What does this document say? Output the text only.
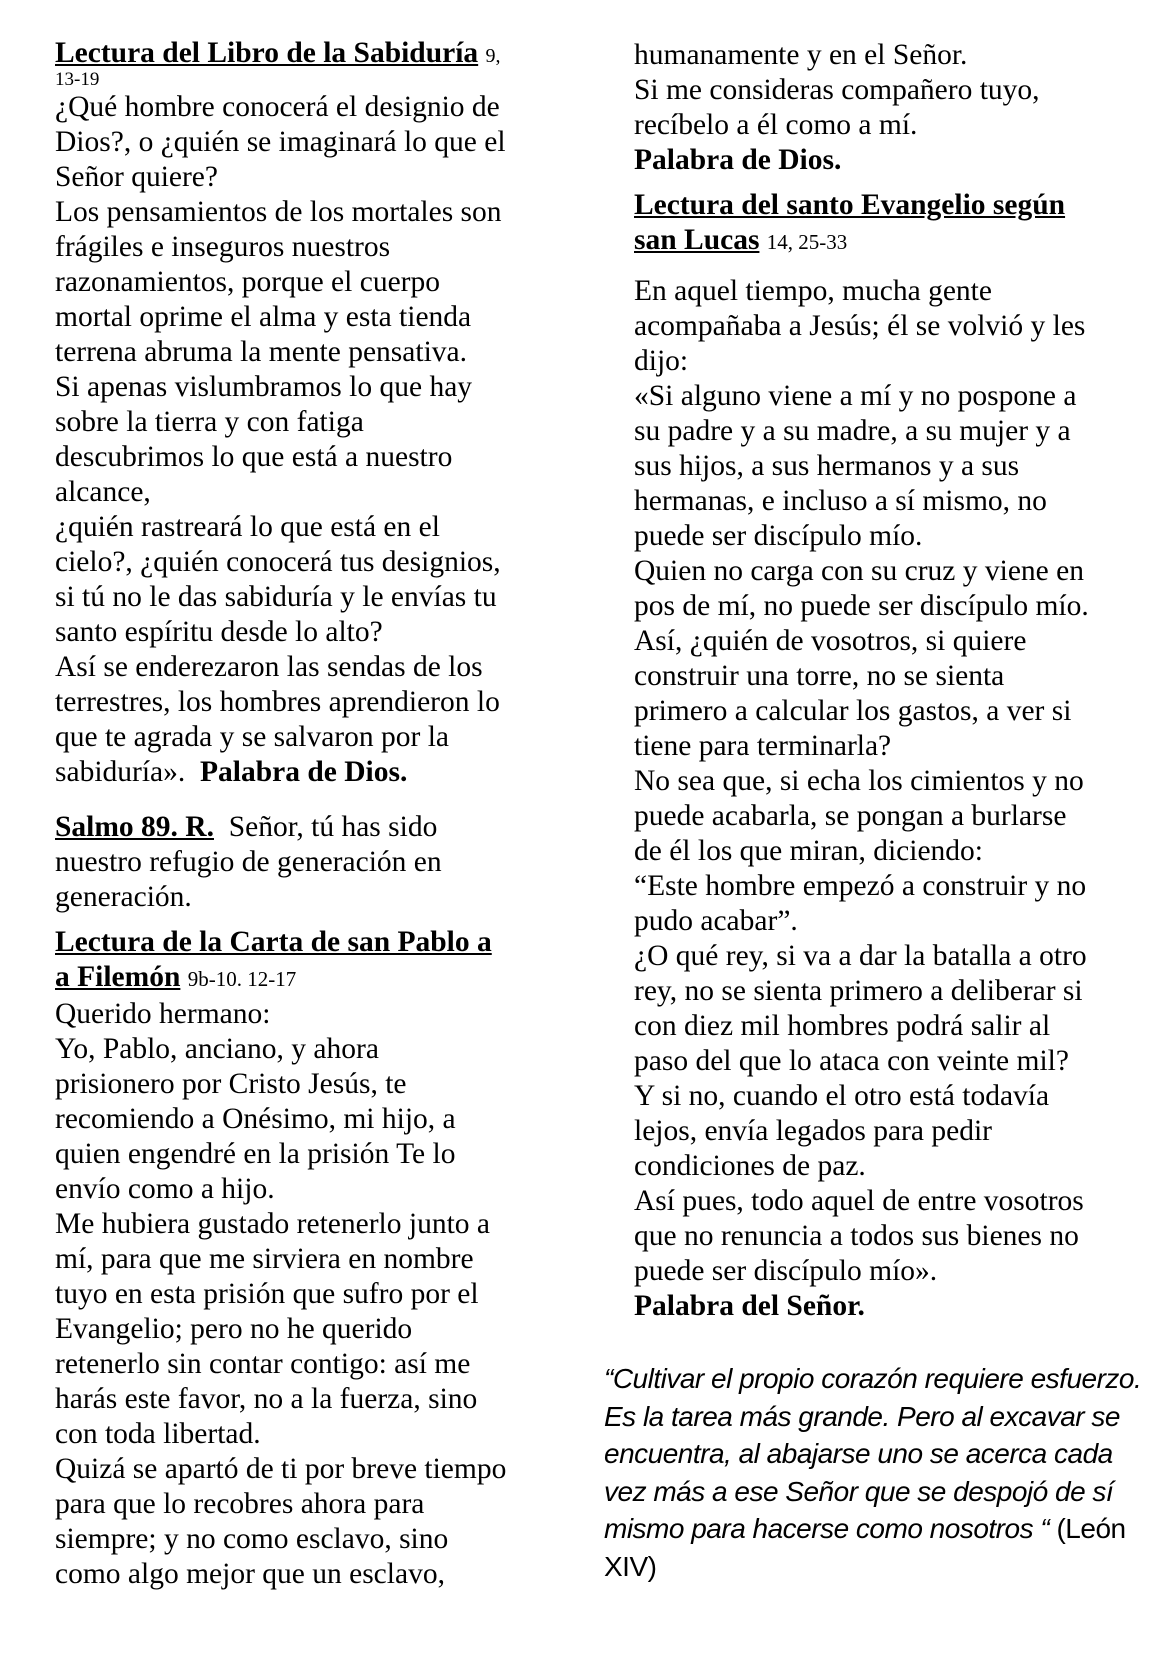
Lectura del Libro de la Sabiduría 9,
13-19
¿Qué hombre conocerá el designio de
Dios?, o ¿quién se imaginará lo que el
Señor quiere?
Los pensamientos de los mortales son
frágiles e inseguros nuestros
razonamientos, porque el cuerpo
mortal oprime el alma y esta tienda
terrena abruma la mente pensativa.
Si apenas vislumbramos lo que hay
sobre la tierra y con fatiga
descubrimos lo que está a nuestro
alcance,
¿quién rastreará lo que está en el
cielo?, ¿quién conocerá tus designios,
si tú no le das sabiduría y le envías tu
santo espíritu desde lo alto?
Así se enderezaron las sendas de los
terrestres, los hombres aprendieron lo
que te agrada y se salvaron por la
sabiduría». Palabra de Dios.
Salmo 89. R. Señor, tú has sido
nuestro refugio de generación en
generación.
Lectura de la Carta de san Pablo a
a Filemón 9b-10. 12-17
Querido hermano:
Yo, Pablo, anciano, y ahora
prisionero por Cristo Jesús, te
recomiendo a Onésimo, mi hijo, a
quien engendré en la prisión Te lo
envío como a hijo.
Me hubiera gustado retenerlo junto a
mí, para que me sirviera en nombre
tuyo en esta prisión que sufro por el
Evangelio; pero no he querido
retenerlo sin contar contigo: así me
harás este favor, no a la fuerza, sino
con toda libertad.
Quizá se apartó de ti por breve tiempo
para que lo recobres ahora para
siempre; y no como esclavo, sino
como algo mejor que un esclavo,
humanamente y en el Señor.
Si me consideras compañero tuyo,
recíbelo a él como a mí.
Palabra de Dios.
Lectura del santo Evangelio según
san Lucas 14, 25-33
En aquel tiempo, mucha gente
acompañaba a Jesús; él se volvió y les
dijo:
«Si alguno viene a mí y no pospone a
su padre y a su madre, a su mujer y a
sus hijos, a sus hermanos y a sus
hermanas, e incluso a sí mismo, no
puede ser discípulo mío.
Quien no carga con su cruz y viene en
pos de mí, no puede ser discípulo mío.
Así, ¿quién de vosotros, si quiere
construir una torre, no se sienta
primero a calcular los gastos, a ver si
tiene para terminarla?
No sea que, si echa los cimientos y no
puede acabarla, se pongan a burlarse
de él los que miran, diciendo:
“Este hombre empezó a construir y no
pudo acabar”.
¿O qué rey, si va a dar la batalla a otro
rey, no se sienta primero a deliberar si
con diez mil hombres podrá salir al
paso del que lo ataca con veinte mil?
Y si no, cuando el otro está todavía
lejos, envía legados para pedir
condiciones de paz.
Así pues, todo aquel de entre vosotros
que no renuncia a todos sus bienes no
puede ser discípulo mío».
Palabra del Señor.
“Cultivar el propio corazón requiere esfuerzo.
Es la tarea más grande. Pero al excavar se
encuentra, al abajarse uno se acerca cada
vez más a ese Señor que se despojó de sí
mismo para hacerse como nosotros “ (León
XIV)
